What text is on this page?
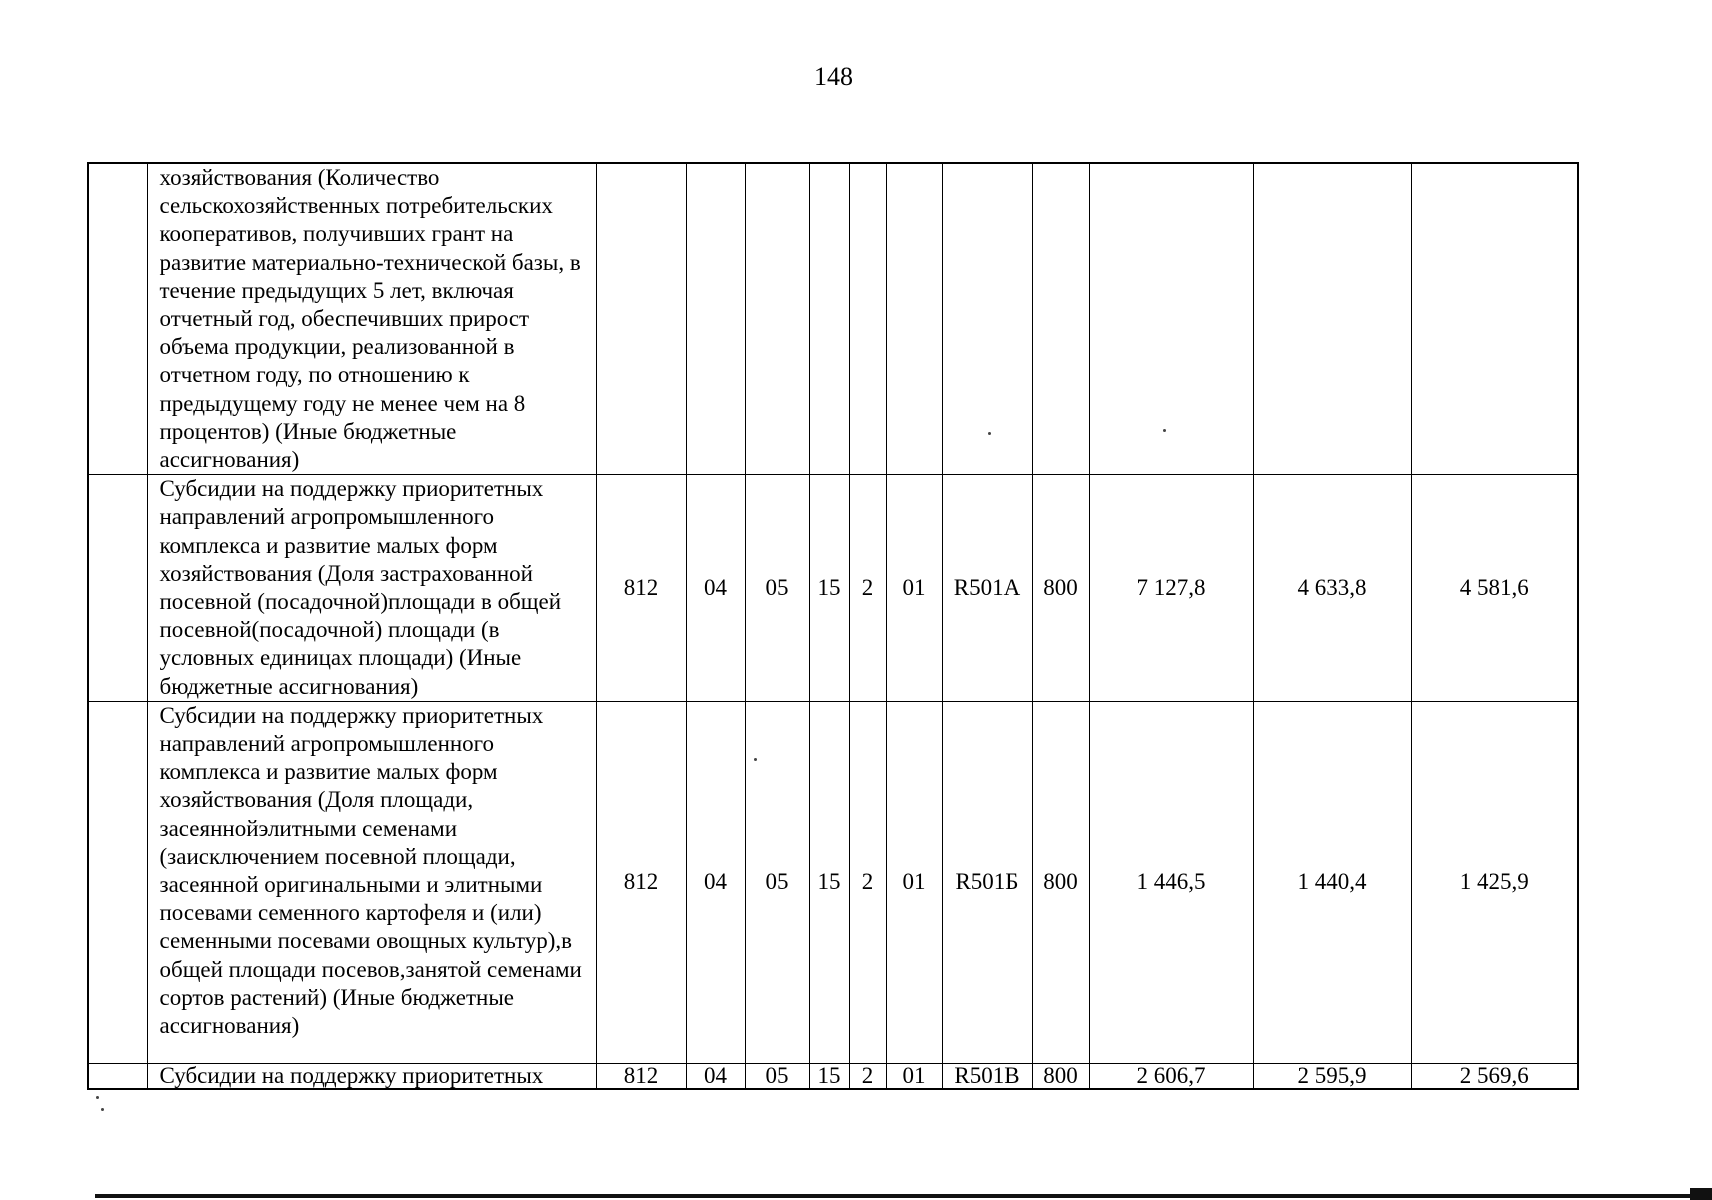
148
	хозяйствования (Количество сельскохозяйственных потребительских кооперативов, получивших грант на развитие материально-технической базы, в течение предыдущих 5 лет, включая отчетный год, обеспечивших прирост объема продукции, реализованной в отчетном году, по отношению к предыдущему году не менее чем на 8 процентов) (Иные бюджетные ассигнования)											
	Субсидии на поддержку приоритетных направлений агропромышленного комплекса и развитие малых форм хозяйствования (Доля застрахованной посевной (посадочной)площади в общей посевной(посадочной) площади (в условных единицах площади) (Иные бюджетные ассигнования)	812	04	05	15	2	01	R501А	800	7 127,8	4 633,8	4 581,6
	Субсидии на поддержку приоритетных направлений агропромышленного комплекса и развитие малых форм хозяйствования (Доля площади, засеяннойэлитными семенами (заисключением посевной площади, засеянной оригинальными и элитными посевами семенного картофеля и (или) семенными посевами овощных культур),в общей площади посевов,занятой семенами сортов растений) (Иные бюджетные ассигнования)	812	04	05	15	2	01	R501Б	800	1 446,5	1 440,4	1 425,9
	Субсидии на поддержку приоритетных	812	04	05	15	2	01	R501В	800	2 606,7	2 595,9	2 569,6
